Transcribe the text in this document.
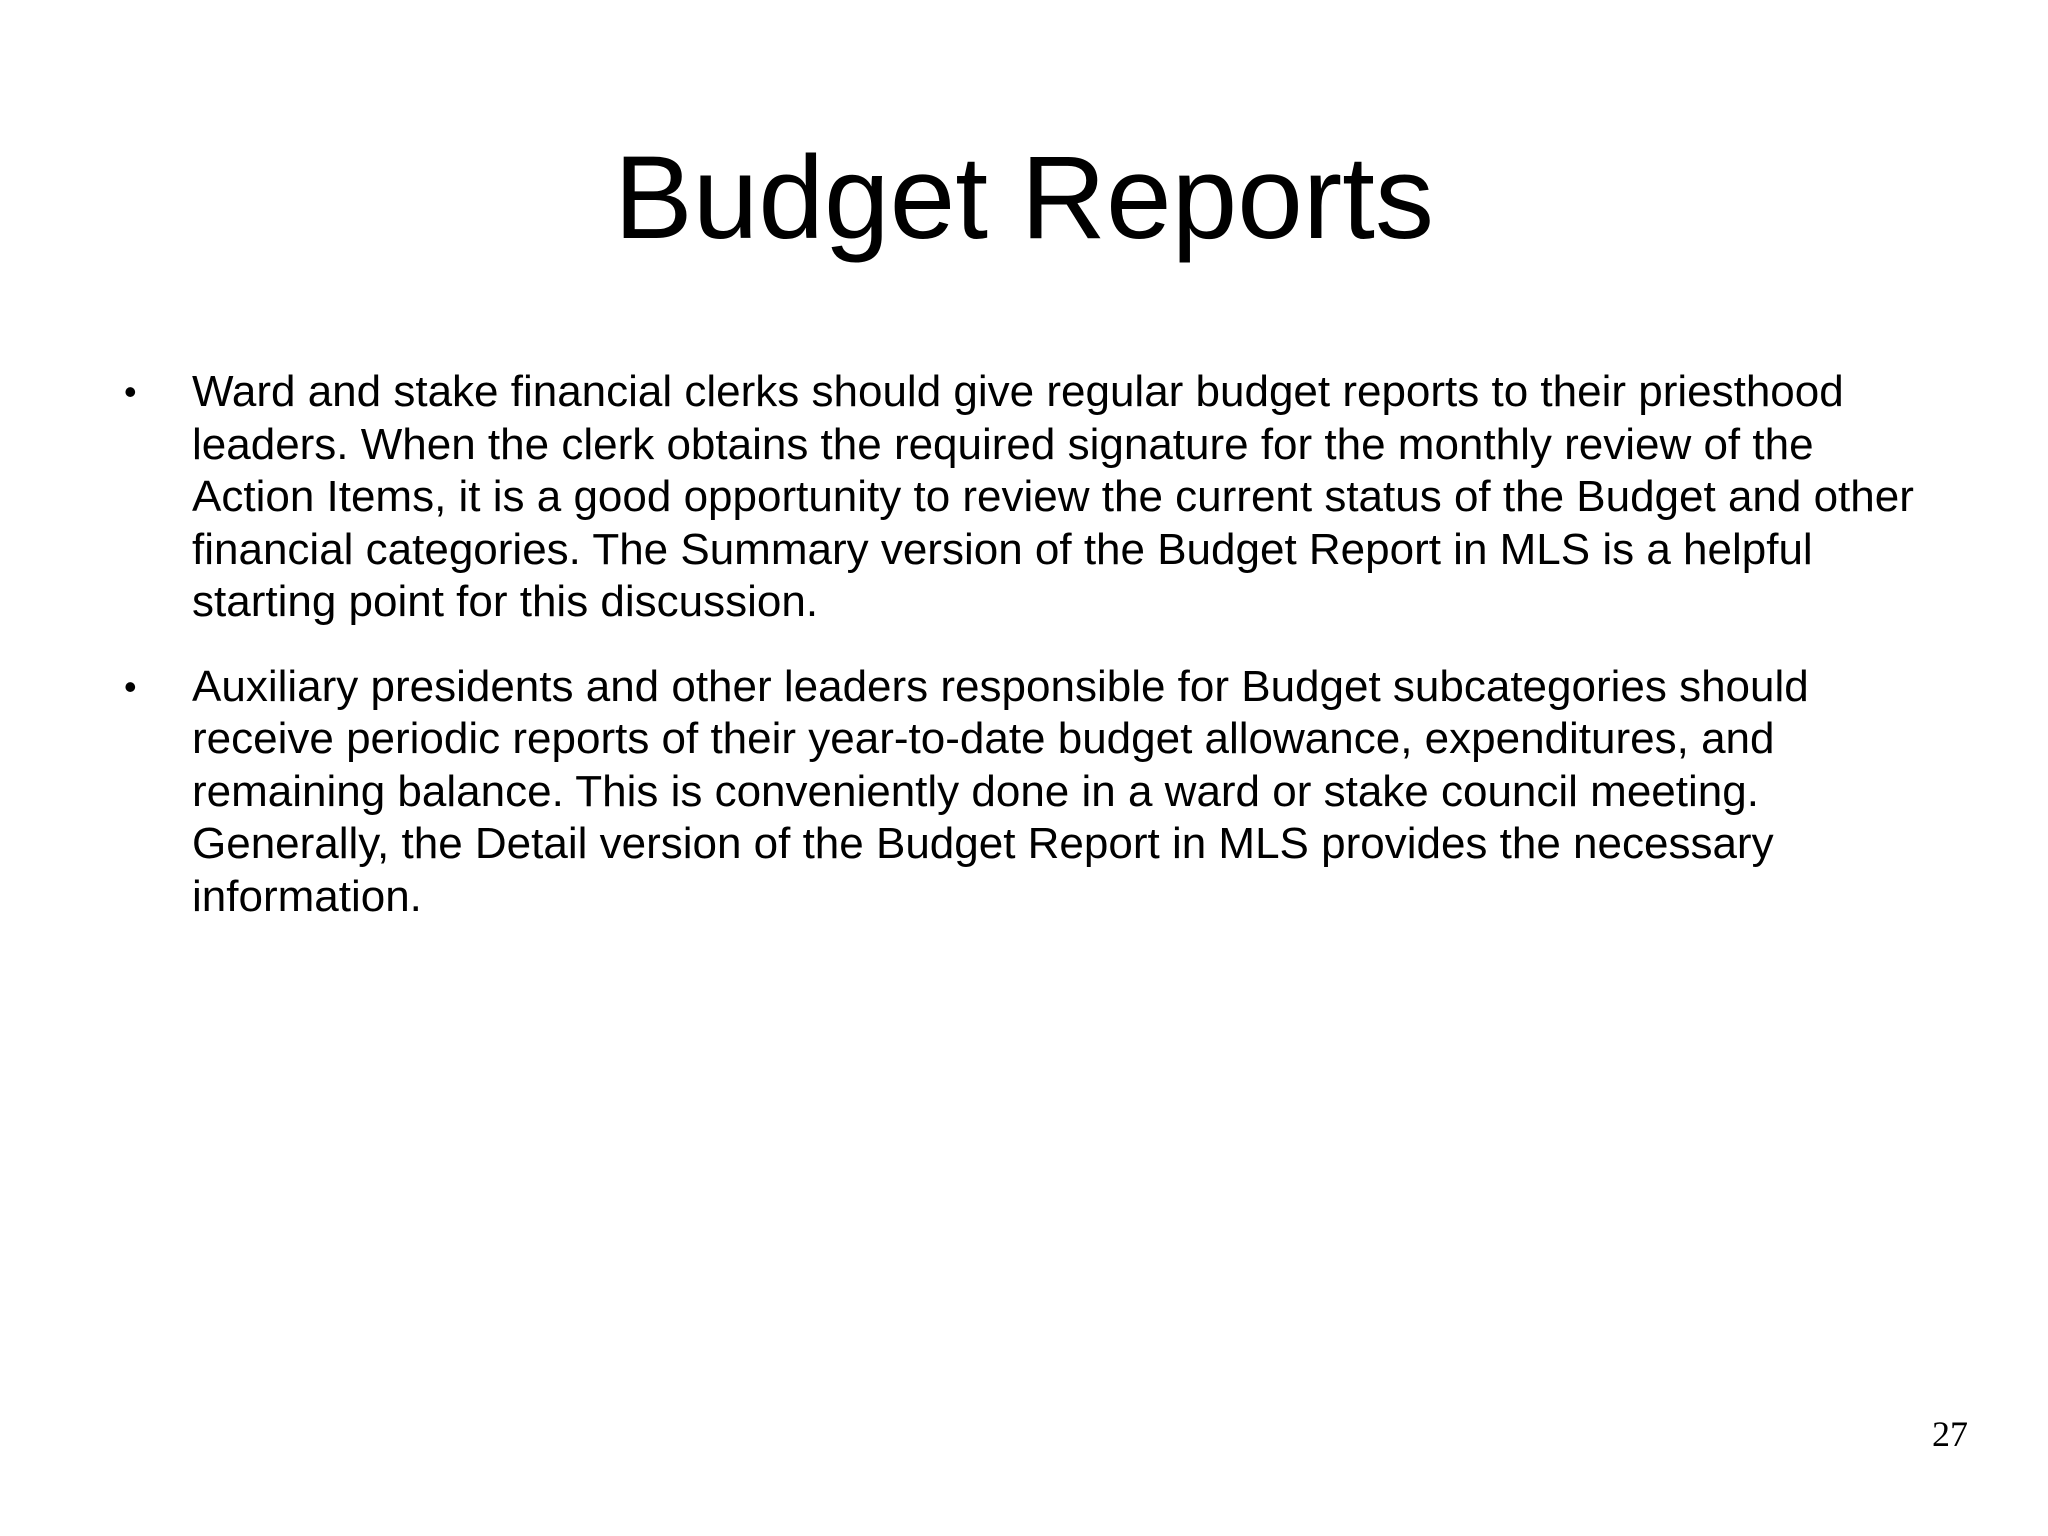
Budget Reports
• Ward and stake financial clerks should give regular budget reports to their priesthood leaders. When the clerk obtains the required signature for the monthly review of the Action Items, it is a good opportunity to review the current status of the Budget and other financial categories. The Summary version of the Budget Report in MLS is a helpful starting point for this discussion.
• Auxiliary presidents and other leaders responsible for Budget subcategories should receive periodic reports of their year-to-date budget allowance, expenditures, and remaining balance. This is conveniently done in a ward or stake council meeting. Generally, the Detail version of the Budget Report in MLS provides the necessary information.
27
